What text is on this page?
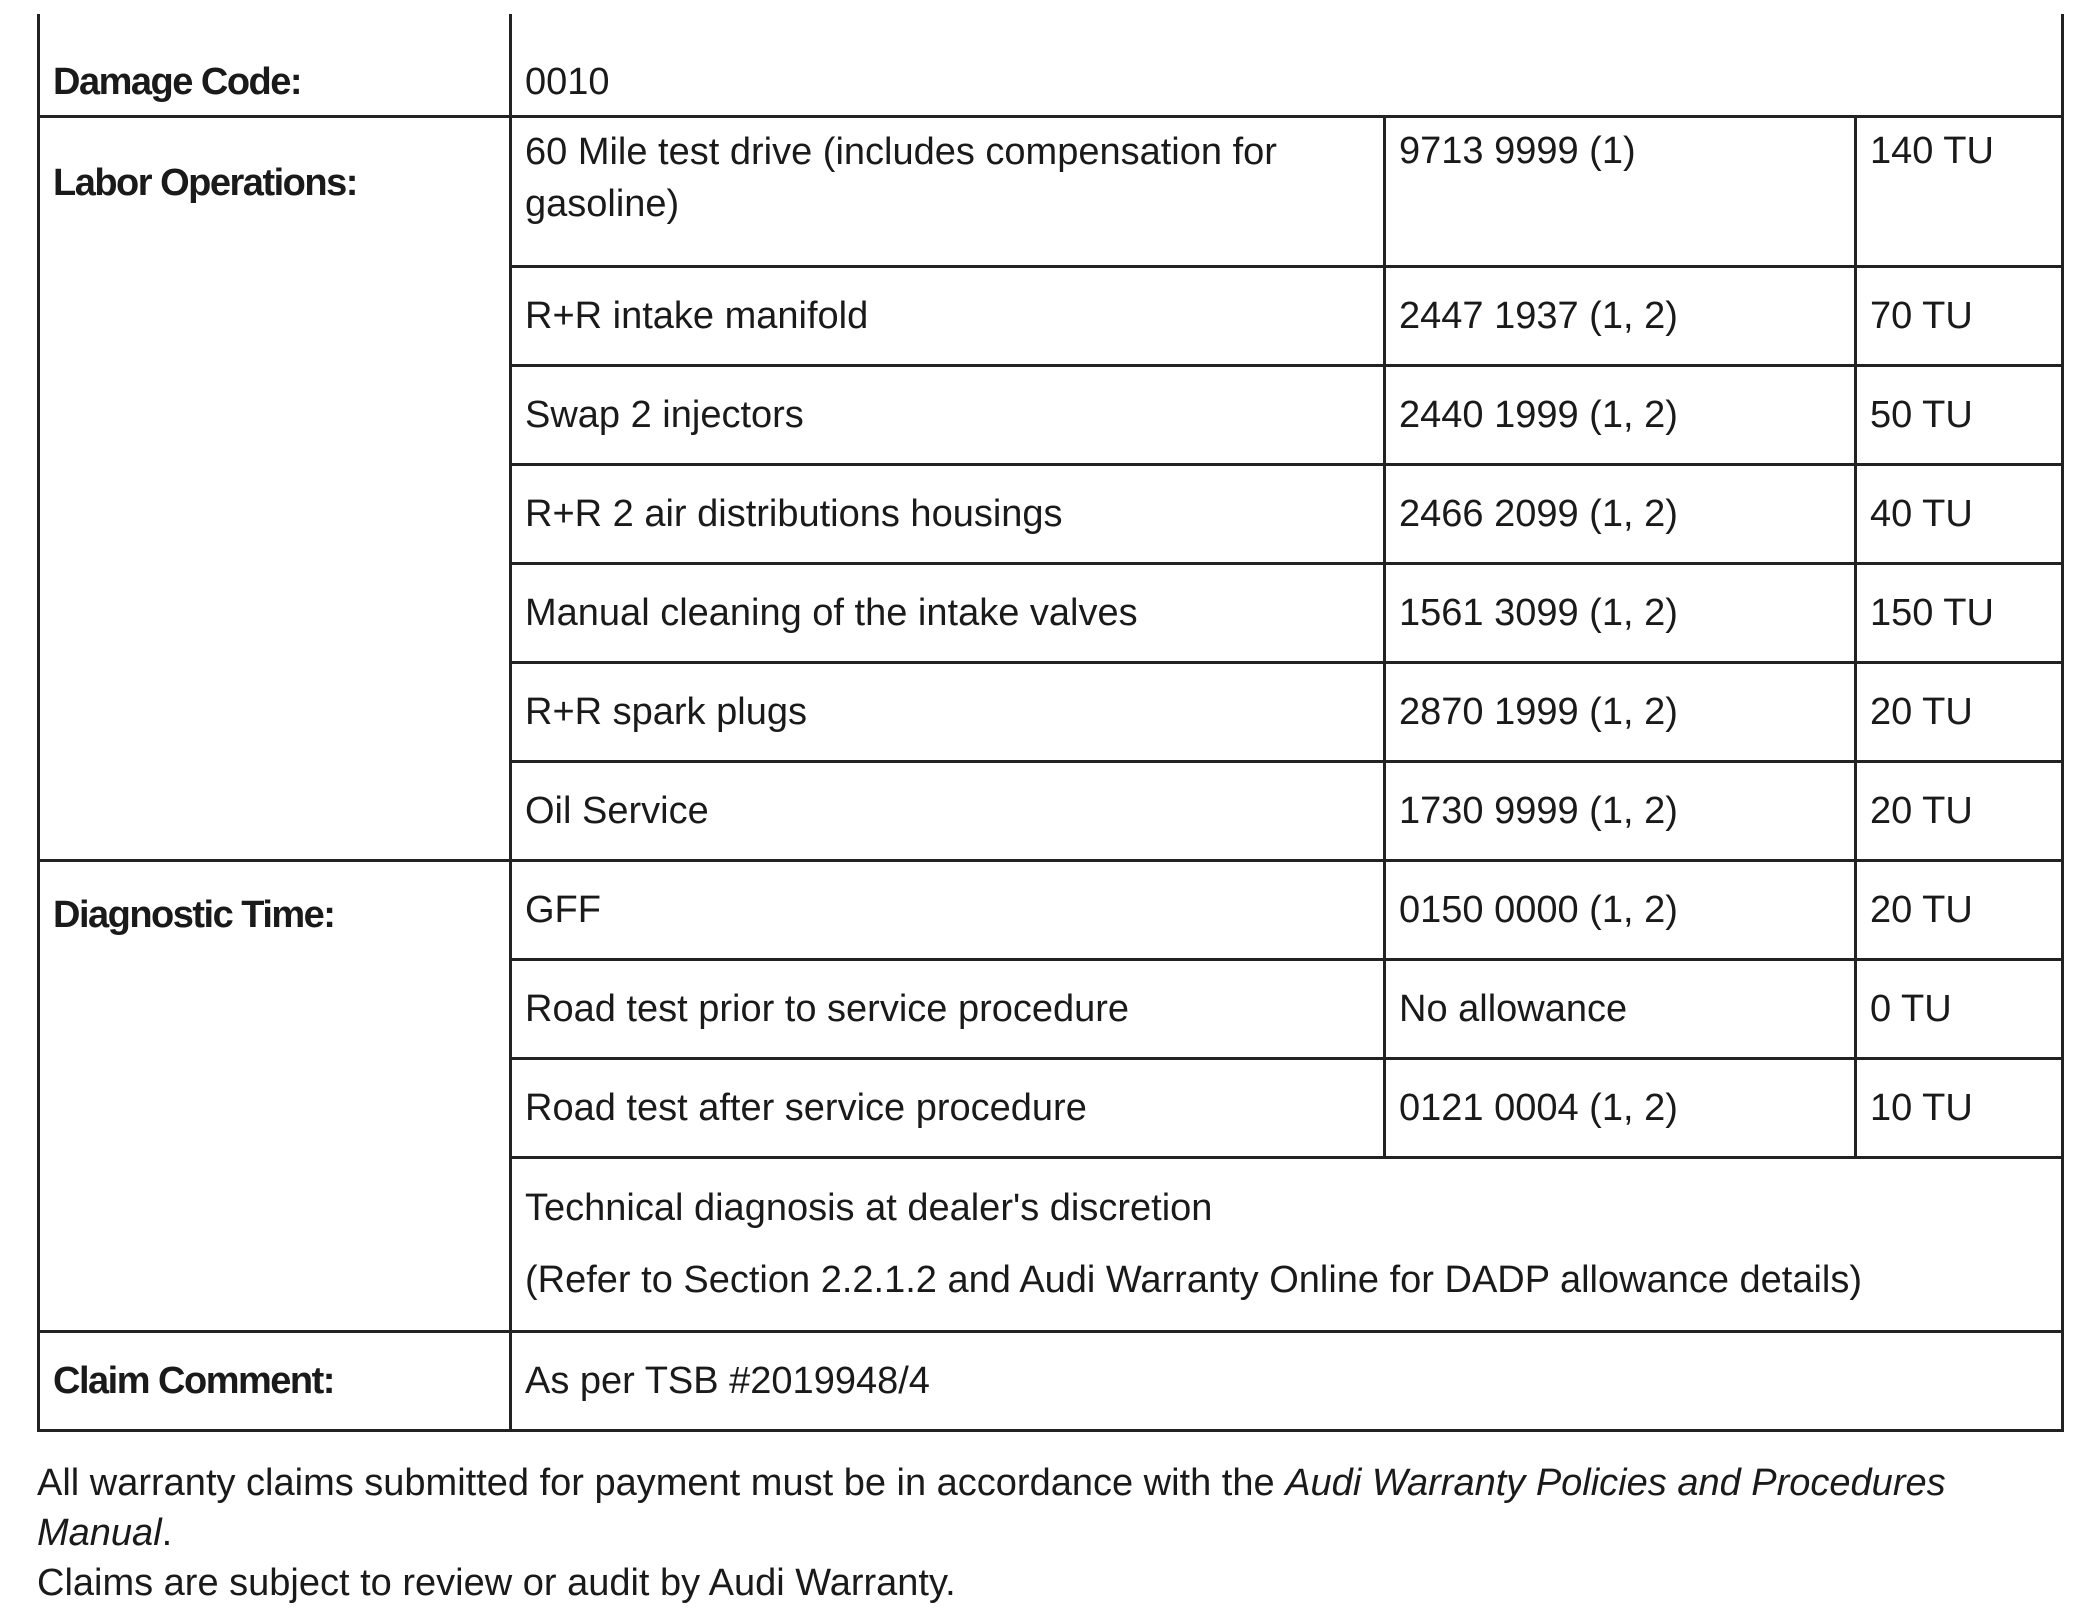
Damage Code:	0010		

Labor Operations:	60 Mile test drive (includes compensation for gasoline)	9713 9999 (1)	140 TU
	R+R intake manifold	2447 1937 (1, 2)	70 TU
	Swap 2 injectors	2440 1999 (1, 2)	50 TU
	R+R 2 air distributions housings	2466 2099 (1, 2)	40 TU
	Manual cleaning of the intake valves	1561 3099 (1, 2)	150 TU
	R+R spark plugs	2870 1999 (1, 2)	20 TU
	Oil Service	1730 9999 (1, 2)	20 TU

Diagnostic Time:	GFF	0150 0000 (1, 2)	20 TU
	Road test prior to service procedure	No allowance	0 TU
	Road test after service procedure	0121 0004 (1, 2)	10 TU

	Technical diagnosis at dealer's discretion
(Refer to Section 2.2.1.2 and Audi Warranty Online for DADP allowance details)		

Claim Comment:	As per TSB #2019948/4		
All warranty claims submitted for payment must be in accordance with the Audi Warranty Policies and Procedures Manual.
Claims are subject to review or audit by Audi Warranty.
